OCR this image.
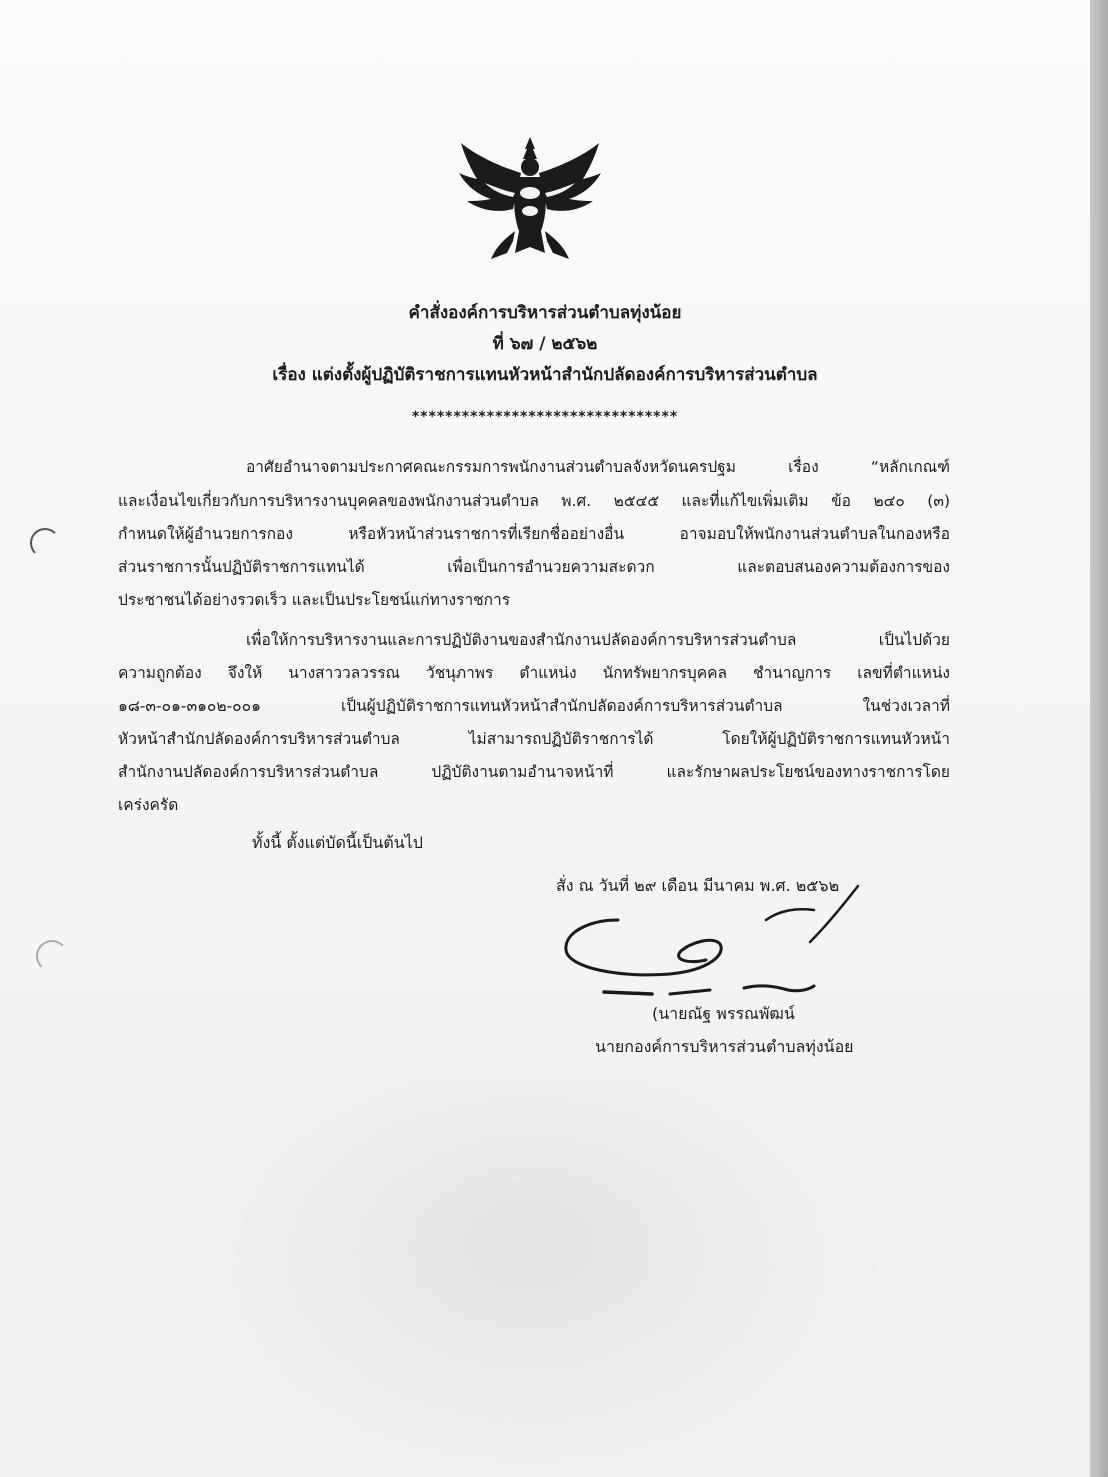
คำสั่งองค์การบริหารส่วนตำบลทุ่งน้อย
ที่ ๖๗ / ๒๕๖๒
เรื่อง แต่งตั้งผู้ปฏิบัติราชการแทนหัวหน้าสำนักปลัดองค์การบริหารส่วนตำบล
********************************
อาศัยอำนาจตามประกาศคณะกรรมการพนักงานส่วนตำบลจังหวัดนครปฐม เรื่อง “หลักเกณฑ์
และเงื่อนไขเกี่ยวกับการบริหารงานบุคคลของพนักงานส่วนตำบล พ.ศ. ๒๕๔๕ และที่แก้ไขเพิ่มเติม ข้อ ๒๔๐ (๓)
กำหนดให้ผู้อำนวยการกอง หรือหัวหน้าส่วนราชการที่เรียกชื่ออย่างอื่น อาจมอบให้พนักงานส่วนตำบลในกองหรือ
ส่วนราชการนั้นปฏิบัติราชการแทนได้ เพื่อเป็นการอำนวยความสะดวก และตอบสนองความต้องการของ
ประชาชนได้อย่างรวดเร็ว และเป็นประโยชน์แก่ทางราชการ
เพื่อให้การบริหารงานและการปฏิบัติงานของสำนักงานปลัดองค์การบริหารส่วนตำบล เป็นไปด้วย
ความถูกต้อง จึงให้ นางสาววลวรรณ วัชนุภาพร ตำแหน่ง นักทรัพยากรบุคคล ชำนาญการ เลขที่ตำแหน่ง
๑๘-๓-๐๑-๓๑๐๒-๐๐๑ เป็นผู้ปฏิบัติราชการแทนหัวหน้าสำนักปลัดองค์การบริหารส่วนตำบล ในช่วงเวลาที่
หัวหน้าสำนักปลัดองค์การบริหารส่วนตำบล ไม่สามารถปฏิบัติราชการได้ โดยให้ผู้ปฏิบัติราชการแทนหัวหน้า
สำนักงานปลัดองค์การบริหารส่วนตำบล ปฏิบัติงานตามอำนาจหน้าที่ และรักษาผลประโยชน์ของทางราชการโดย
เคร่งครัด
ทั้งนี้ ตั้งแต่บัดนี้เป็นต้นไป
สั่ง ณ วันที่ ๒๙ เดือน มีนาคม พ.ศ. ๒๕๖๒
(นายณัฐ พรรณพัฒน์
นายกองค์การบริหารส่วนตำบลทุ่งน้อย
